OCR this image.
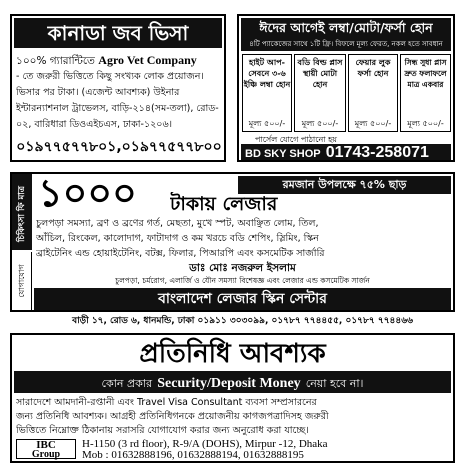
কানাডা জব ভিসা
১০০% গ্যারান্টিতে Agro Vet Company
- তে জরুরী ভিত্তিতে কিছু সংখ্যক লোক প্রয়োজন।
ভিসার পর টাকা। (এজেন্ট আবশ্যক) উইনার
ইন্টারন্যাশনাল ট্রাভেলস, বাড়ি-২১৪(সম-তলা), রোড-
০২, বারিধারা ডিওএইচএস, ঢাকা-১২০৬।
০১৯৭৭৫৭৭৮০১,০১৯৭৭৫৭৭৮০০
ঈদের আগেই লম্বা/মোটা/ফর্সা হোন
৪টি প্যাকেজের সাথে ১টি ফ্রি। বিফলে মূল্য ফেরত, নকল হতে সাবধান
হাইট আপ-সেবনে ৩-৬ ইঞ্চি লম্বা হোন
মূল্য ৫০০/-
বডি বিল্ড প্লাস স্থায়ী মোটা হোন
মূল্য ৫০০/-
ফেয়ার লুক ফর্সা হোন
মূল্য ৫০০/-
সিন্ধ সুধা প্লাস দ্রুত ফলাফলে মাত্র একবার
মূল্য ৫০০/-
পার্সেল যোগে পাঠানো হয়
BD SKY SHOP 01743-258071
চিকিৎসা ফি মাত্র ১০০০	রমজান উপলক্ষে ৭৫% ছাড়
টাকায় লেজার
চুলপড়া সমস্যা, ব্রণ ও ব্রণের গর্ত, মেছতা, মুখে স্পট, অবাঞ্ছিত লোম, তিল,
আঁচিল, রিংকেল, কালোদাগ, ফাটাদাগ ও কম খরচে বডি শেপিং, স্লিমিং, স্কিন
ব্রাইটেনিং এন্ড হোয়াইটেনিং, বটক্স, ফিলার, পিআরপি এবং কসমেটিক সার্জারি
যোগাযোগ	ডাঃ মোঃ নজরুল ইসলাম
চুলপড়া, চর্মরোগ, এলার্জি ও যৌন সমস্যা বিশেষজ্ঞ এবং লেজার এন্ড কসমেটিক সার্জন
বাংলাদেশ লেজার স্কিন সেন্টার
বাড়ী ১৭, রোড ৬, ধানমন্ডি, ঢাকা ০১৯১১ ৩০৩০৯৯, ০১৭৮৭ ৭৭৪৪৫৫, ০১৭৮৭ ৭৭৪৪৬৬
প্রতিনিধি আবশ্যক
কোন প্রকার Security/Deposit Money নেয়া হবে না।
সারাদেশে আমদানী-রপ্তানী এবং Travel Visa Consultant ব্যবসা সম্প্রসারনের
জন্য প্রতিনিধি আবশ্যক। আগ্রহী প্রতিনিধিগনকে প্রয়োজনীয় কাগজপত্রাদিসহ জরুরী
ভিত্তিতে নিম্নোক্ত ঠিকানায় সরাসরি যোগাযোগ করার জন্য অনুরোধ করা যাচ্ছে।
IBC
Group
H-1150 (3 rd floor), R-9/A (DOHS), Mirpur -12, Dhaka
Mob : 01632888196, 01632888194, 01632888195
